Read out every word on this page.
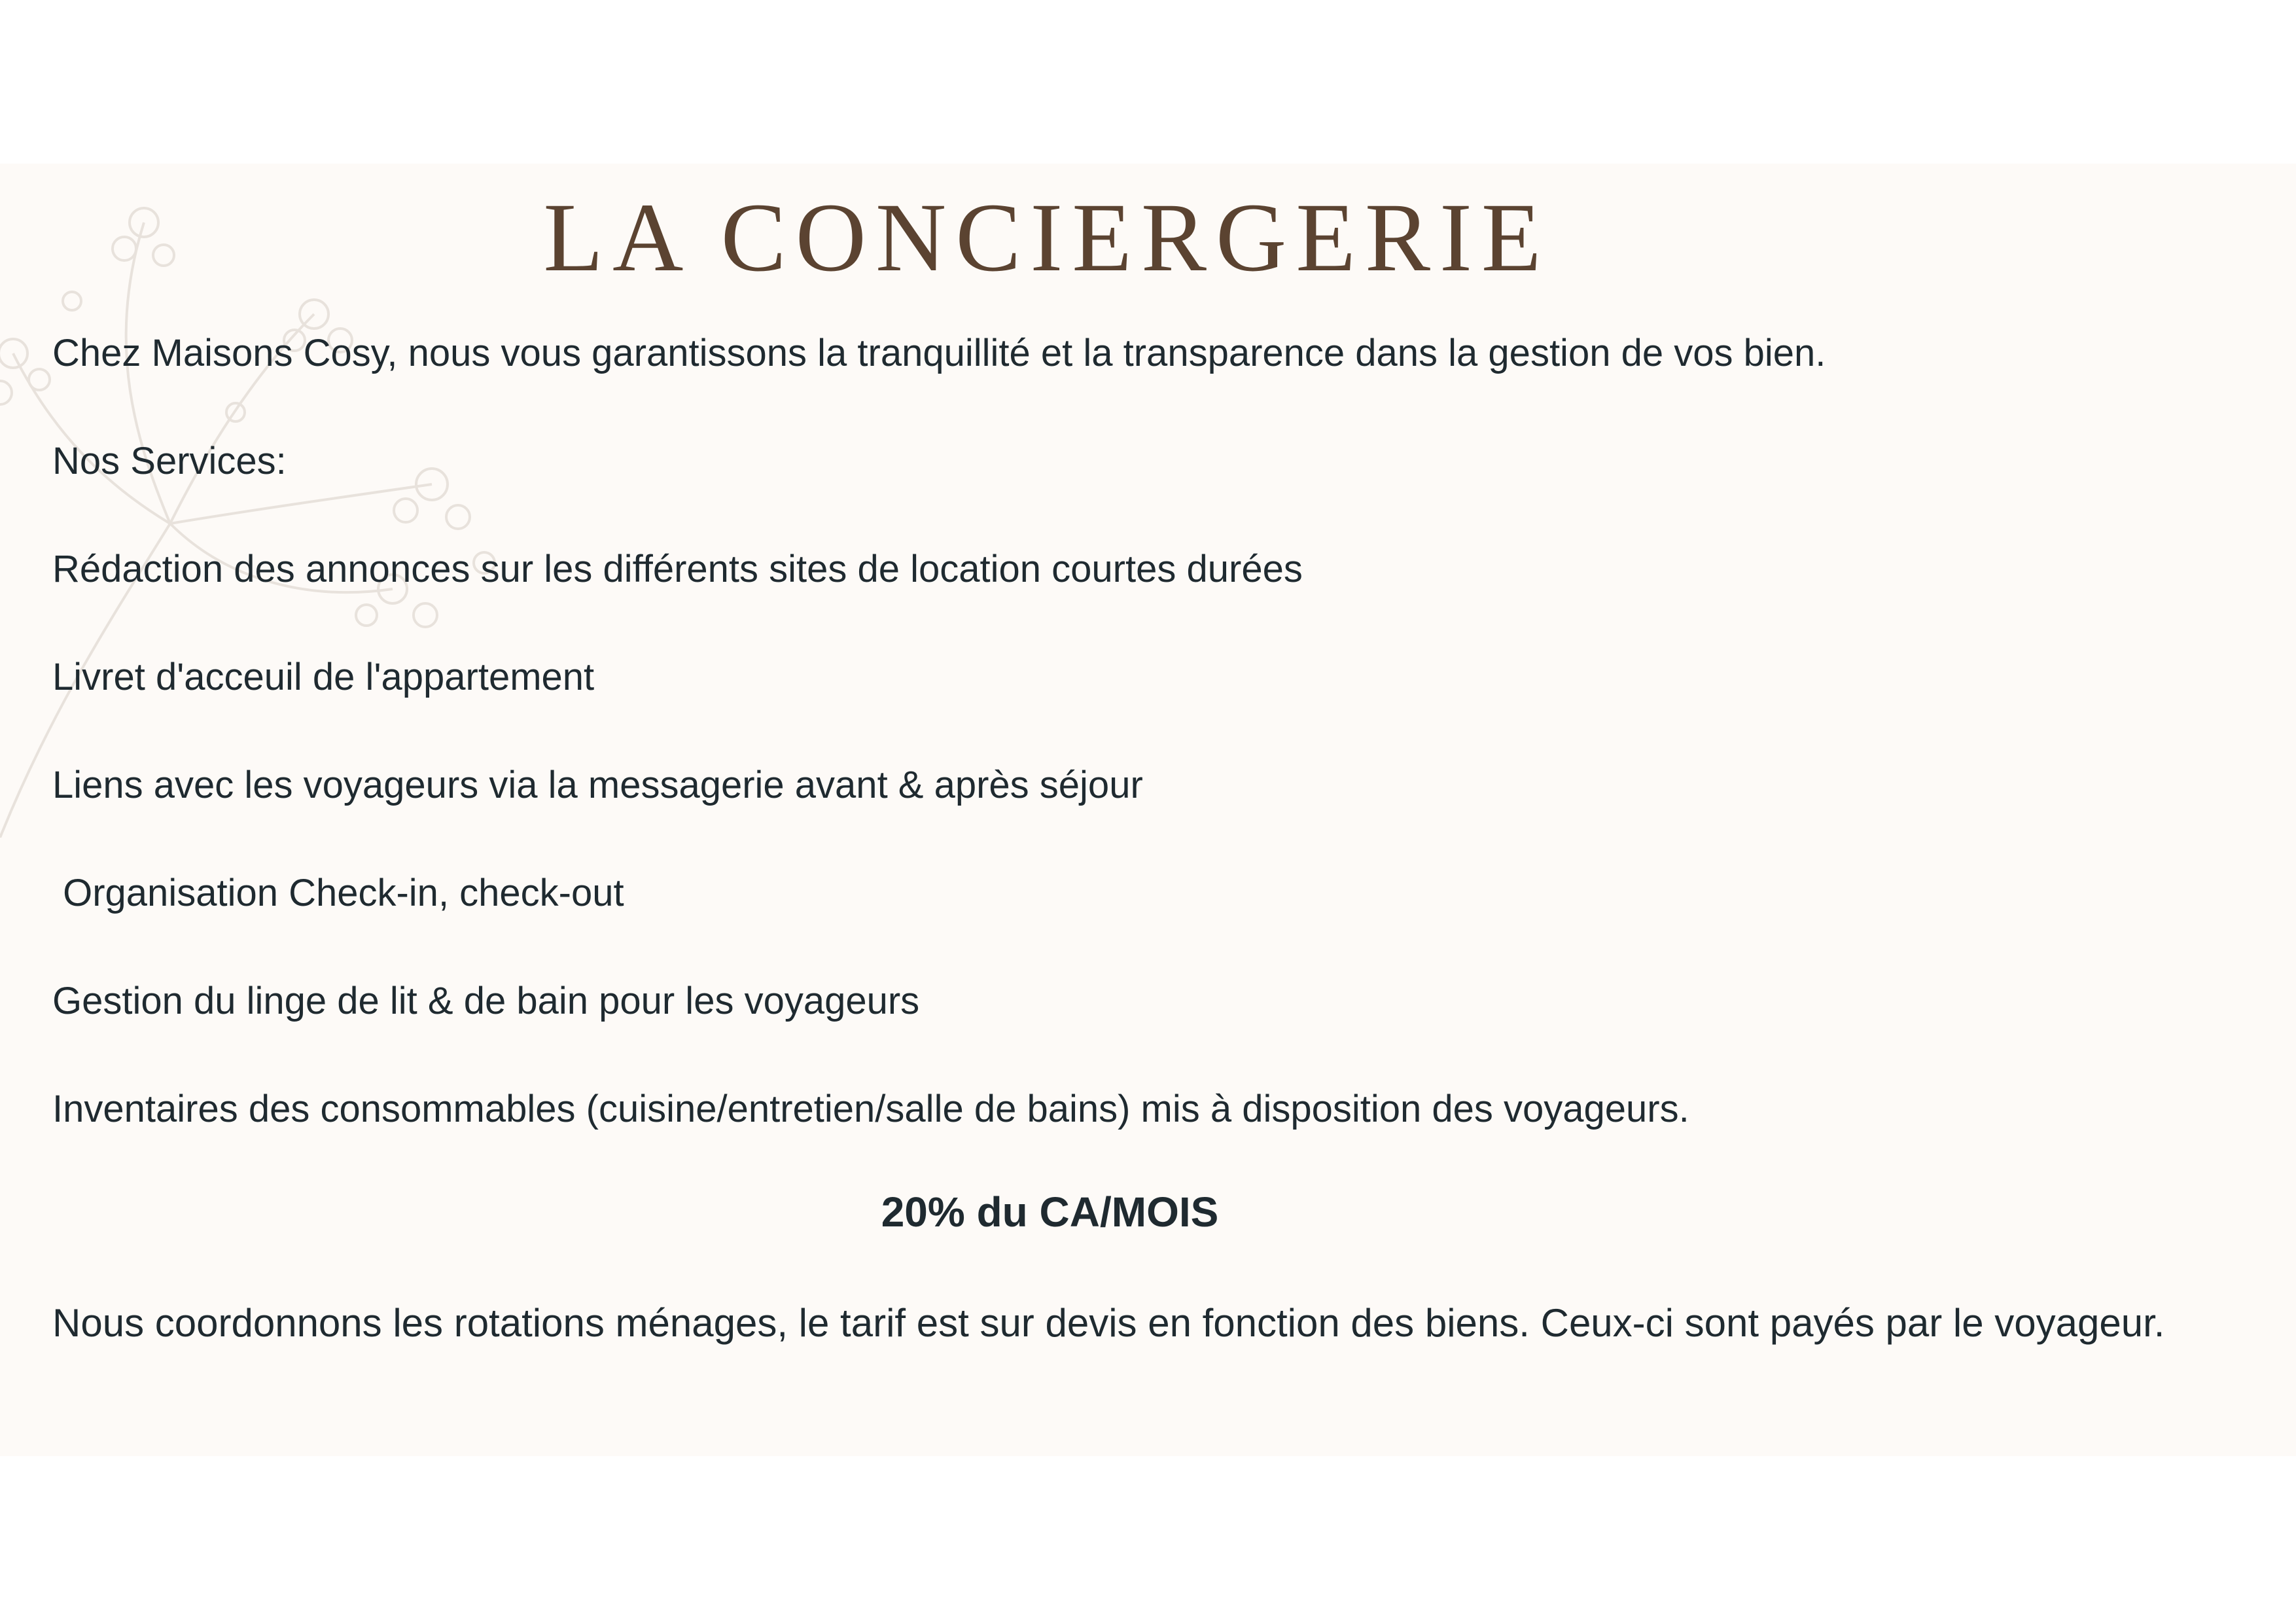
LA CONCIERGERIE
Chez Maisons Cosy, nous vous garantissons la tranquillité et la transparence dans la gestion de vos bien.
Nos Services:
Rédaction des annonces sur les différents sites de location courtes durées
Livret d'acceuil de l'appartement
Liens avec les voyageurs via la messagerie avant & après séjour
Organisation Check-in, check-out
Gestion du linge de lit & de bain pour les voyageurs
Inventaires des consommables (cuisine/entretien/salle de bains) mis à disposition des voyageurs.
20% du CA/MOIS
Nous coordonnons les rotations ménages, le tarif est sur devis en fonction des biens. Ceux-ci sont payés par le voyageur.
